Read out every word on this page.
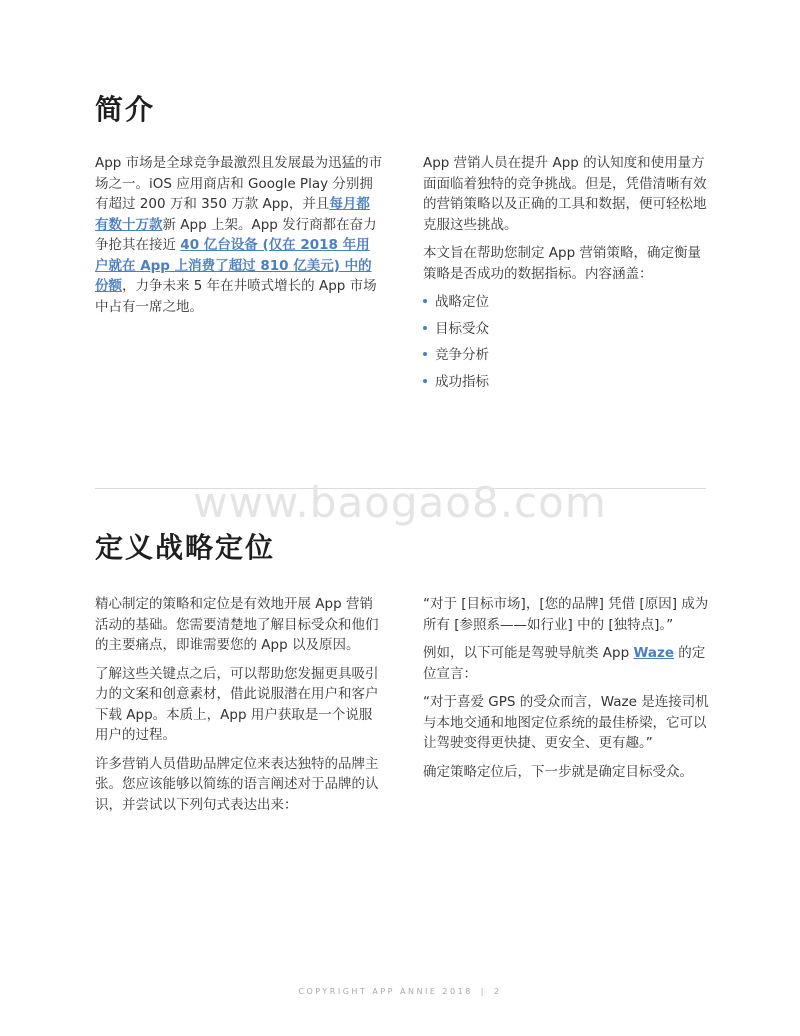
简介

App 市场是全球竞争最激烈且发展最为迅猛的市场之一。iOS 应用商店和 Google Play 分别拥有超过 200 万和 350 万款 App，并且每月都有数十万款新 App 上架。App 发行商都在奋力争抢其在接近 40 亿台设备 (仅在 2018 年用户就在 App 上消费了超过 810 亿美元) 中的份额，力争未来 5 年在井喷式增长的 App 市场中占有一席之地。

App 营销人员在提升 App 的认知度和使用量方面面临着独特的竞争挑战。但是，凭借清晰有效的营销策略以及正确的工具和数据，便可轻松地克服这些挑战。

本文旨在帮助您制定 App 营销策略，确定衡量策略是否成功的数据指标。内容涵盖：

战略定位
目标受众
竞争分析
成功指标
www.baogao8.com
定义战略定位

精心制定的策略和定位是有效地开展 App 营销活动的基础。您需要清楚地了解目标受众和他们的主要痛点，即谁需要您的 App 以及原因。

了解这些关键点之后，可以帮助您发掘更具吸引力的文案和创意素材，借此说服潜在用户和客户下载 App。本质上，App 用户获取是一个说服用户的过程。

许多营销人员借助品牌定位来表达独特的品牌主张。您应该能够以简练的语言阐述对于品牌的认识，并尝试以下列句式表达出来：

“对于 [目标市场]，[您的品牌] 凭借 [原因] 成为所有 [参照系——如行业] 中的 [独特点]。”

例如，以下可能是驾驶导航类 App Waze 的定位宣言：

“对于喜爱 GPS 的受众而言，Waze 是连接司机与本地交通和地图定位系统的最佳桥梁，它可以让驾驶变得更快捷、更安全、更有趣。”

确定策略定位后，下一步就是确定目标受众。

COPYRIGHT APP ANNIE 2018 | 2
